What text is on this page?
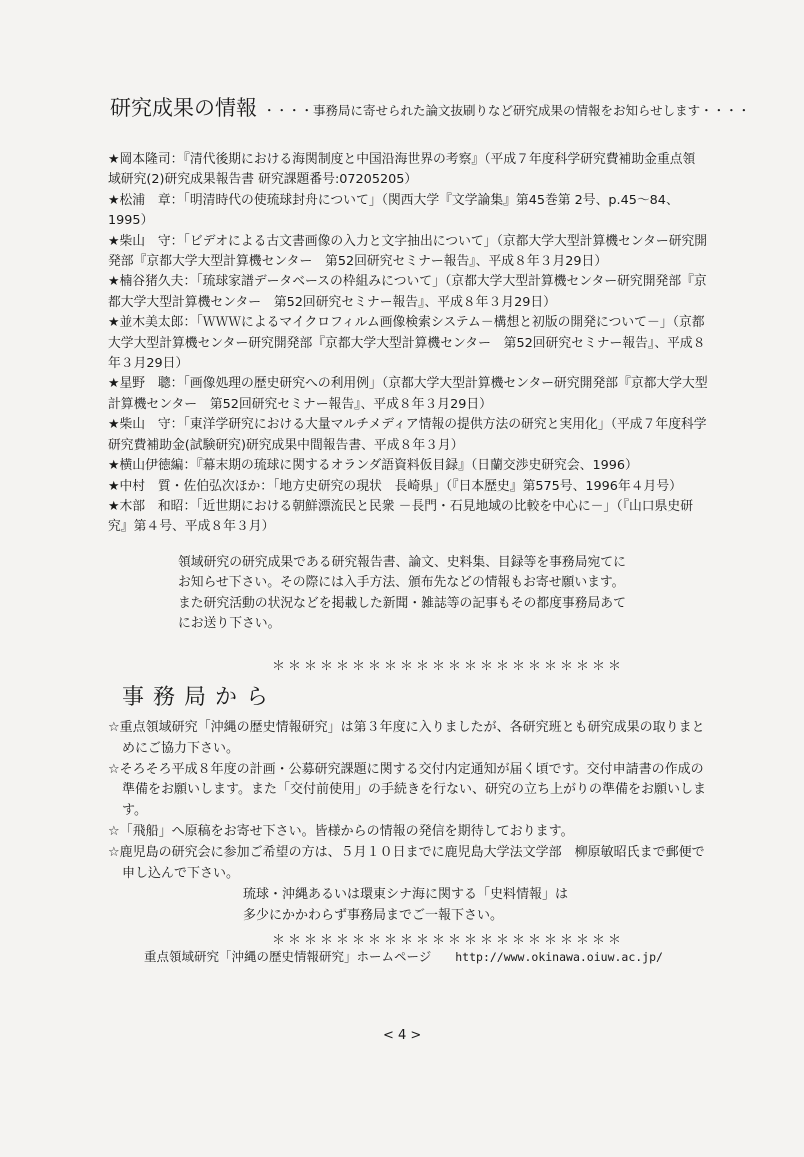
研究成果の情報 ・・・・事務局に寄せられた論文抜刷りなど研究成果の情報をお知らせします・・・・

★岡本隆司：『清代後期における海関制度と中国沿海世界の考察』（平成７年度科学研究費補助金重点領域研究(2)研究成果報告書 研究課題番号:07205205）

★松浦　章：「明清時代の使琉球封舟について」（関西大学『文学論集』第45巻第 2号、p.45～84、1995）

★柴山　守：「ビデオによる古文書画像の入力と文字抽出について」（京都大学大型計算機センター研究開発部『京都大学大型計算機センター　第52回研究セミナー報告』、平成８年３月29日）

★楠谷猪久夫：「琉球家譜データベースの枠組みについて」（京都大学大型計算機センター研究開発部『京都大学大型計算機センター　第52回研究セミナー報告』、平成８年３月29日）

★並木美太郎：「ＷＷＷによるマイクロフィルム画像検索システム－構想と初版の開発について－」（京都大学大型計算機センター研究開発部『京都大学大型計算機センター　第52回研究セミナー報告』、平成８年３月29日）

★星野　聰：「画像処理の歴史研究への利用例」（京都大学大型計算機センター研究開発部『京都大学大型計算機センター　第52回研究セミナー報告』、平成８年３月29日）

★柴山　守：「東洋学研究における大量マルチメディア情報の提供方法の研究と実用化」（平成７年度科学研究費補助金(試験研究)研究成果中間報告書、平成８年３月）

★横山伊徳編：『幕末期の琉球に関するオランダ語資料仮目録』（日蘭交渉史研究会、1996）

★中村　質・佐伯弘次ほか：「地方史研究の現状　長崎県」（『日本歴史』第575号、1996年４月号）

★木部　和昭：「近世期における朝鮮漂流民と民衆 －長門・石見地域の比較を中心に－」（『山口県史研究』第４号、平成８年３月）

領域研究の研究成果である研究報告書、論文、史料集、目録等を事務局宛てに

お知らせ下さい。その際には入手方法、頒布先などの情報もお寄せ願います。

また研究活動の状況などを掲載した新聞・雑誌等の記事もその都度事務局あて

にお送り下さい。

＊＊＊＊＊＊＊＊＊＊＊＊＊＊＊＊＊＊＊＊＊＊
事務局から

☆重点領域研究「沖縄の歴史情報研究」は第３年度に入りましたが、各研究班とも研究成果の取りまとめにご協力下さい。

☆そろそろ平成８年度の計画・公募研究課題に関する交付内定通知が届く頃です。交付申請書の作成の準備をお願いします。また「交付前使用」の手続きを行ない、研究の立ち上がりの準備をお願いします。

☆「飛船」へ原稿をお寄せ下さい。皆様からの情報の発信を期待しております。

☆鹿児島の研究会に参加ご希望の方は、５月１０日までに鹿児島大学法文学部　柳原敏昭氏まで郵便で申し込んで下さい。

琉球・沖縄あるいは環東シナ海に関する「史料情報」は

多少にかかわらず事務局までご一報下さい。

＊＊＊＊＊＊＊＊＊＊＊＊＊＊＊＊＊＊＊＊＊＊
重点領域研究「沖縄の歴史情報研究」ホームページ http://www.okinawa.oiuw.ac.jp/
< 4 >
